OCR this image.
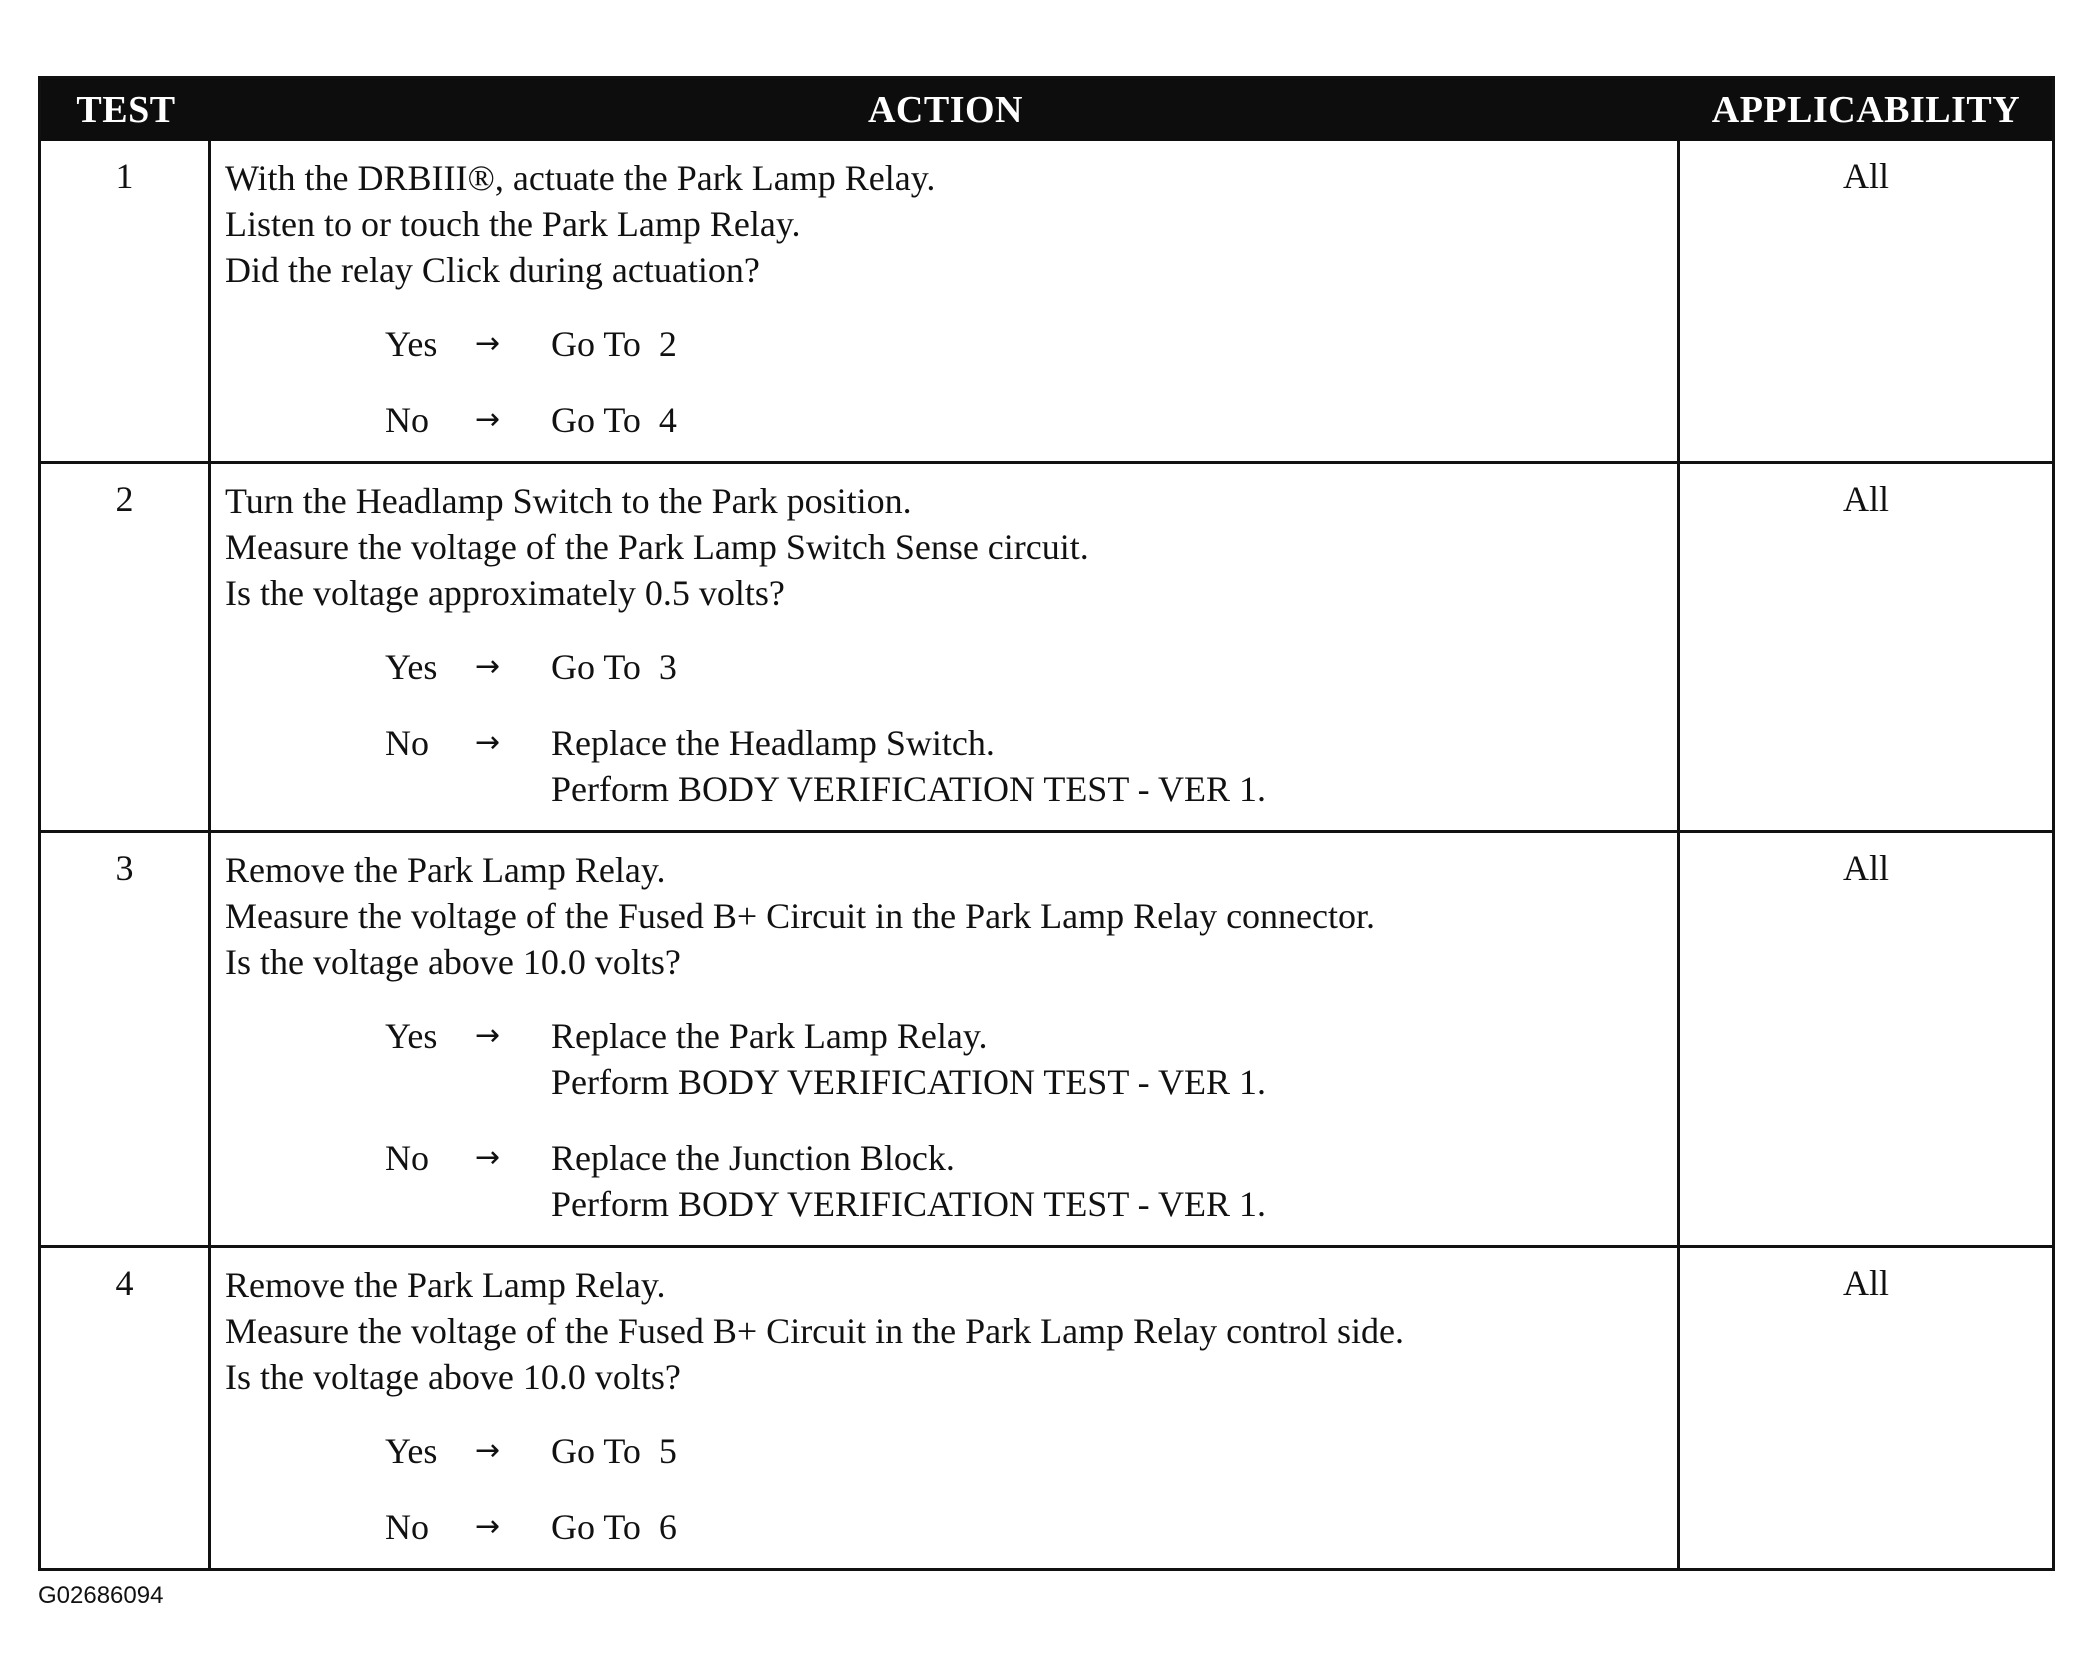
TEST	ACTION	APPLICABILITY
1	With the DRBIII®, actuate the Park Lamp Relay.
Listen to or touch the Park Lamp Relay.
Did the relay Click during actuation?
Yes	→	Go To  2
No	→	Go To  4
All
2	Turn the Headlamp Switch to the Park position.
Measure the voltage of the Park Lamp Switch Sense circuit.
Is the voltage approximately 0.5 volts?
Yes	→	Go To  3
No	→	Replace the Headlamp Switch.
Perform BODY VERIFICATION TEST - VER 1.
All
3	Remove the Park Lamp Relay.
Measure the voltage of the Fused B+ Circuit in the Park Lamp Relay connector.
Is the voltage above 10.0 volts?
Yes	→	Replace the Park Lamp Relay.
Perform BODY VERIFICATION TEST - VER 1.
No	→	Replace the Junction Block.
Perform BODY VERIFICATION TEST - VER 1.
All
4	Remove the Park Lamp Relay.
Measure the voltage of the Fused B+ Circuit in the Park Lamp Relay control side.
Is the voltage above 10.0 volts?
Yes	→	Go To  5
No	→	Go To  6
All
G02686094
